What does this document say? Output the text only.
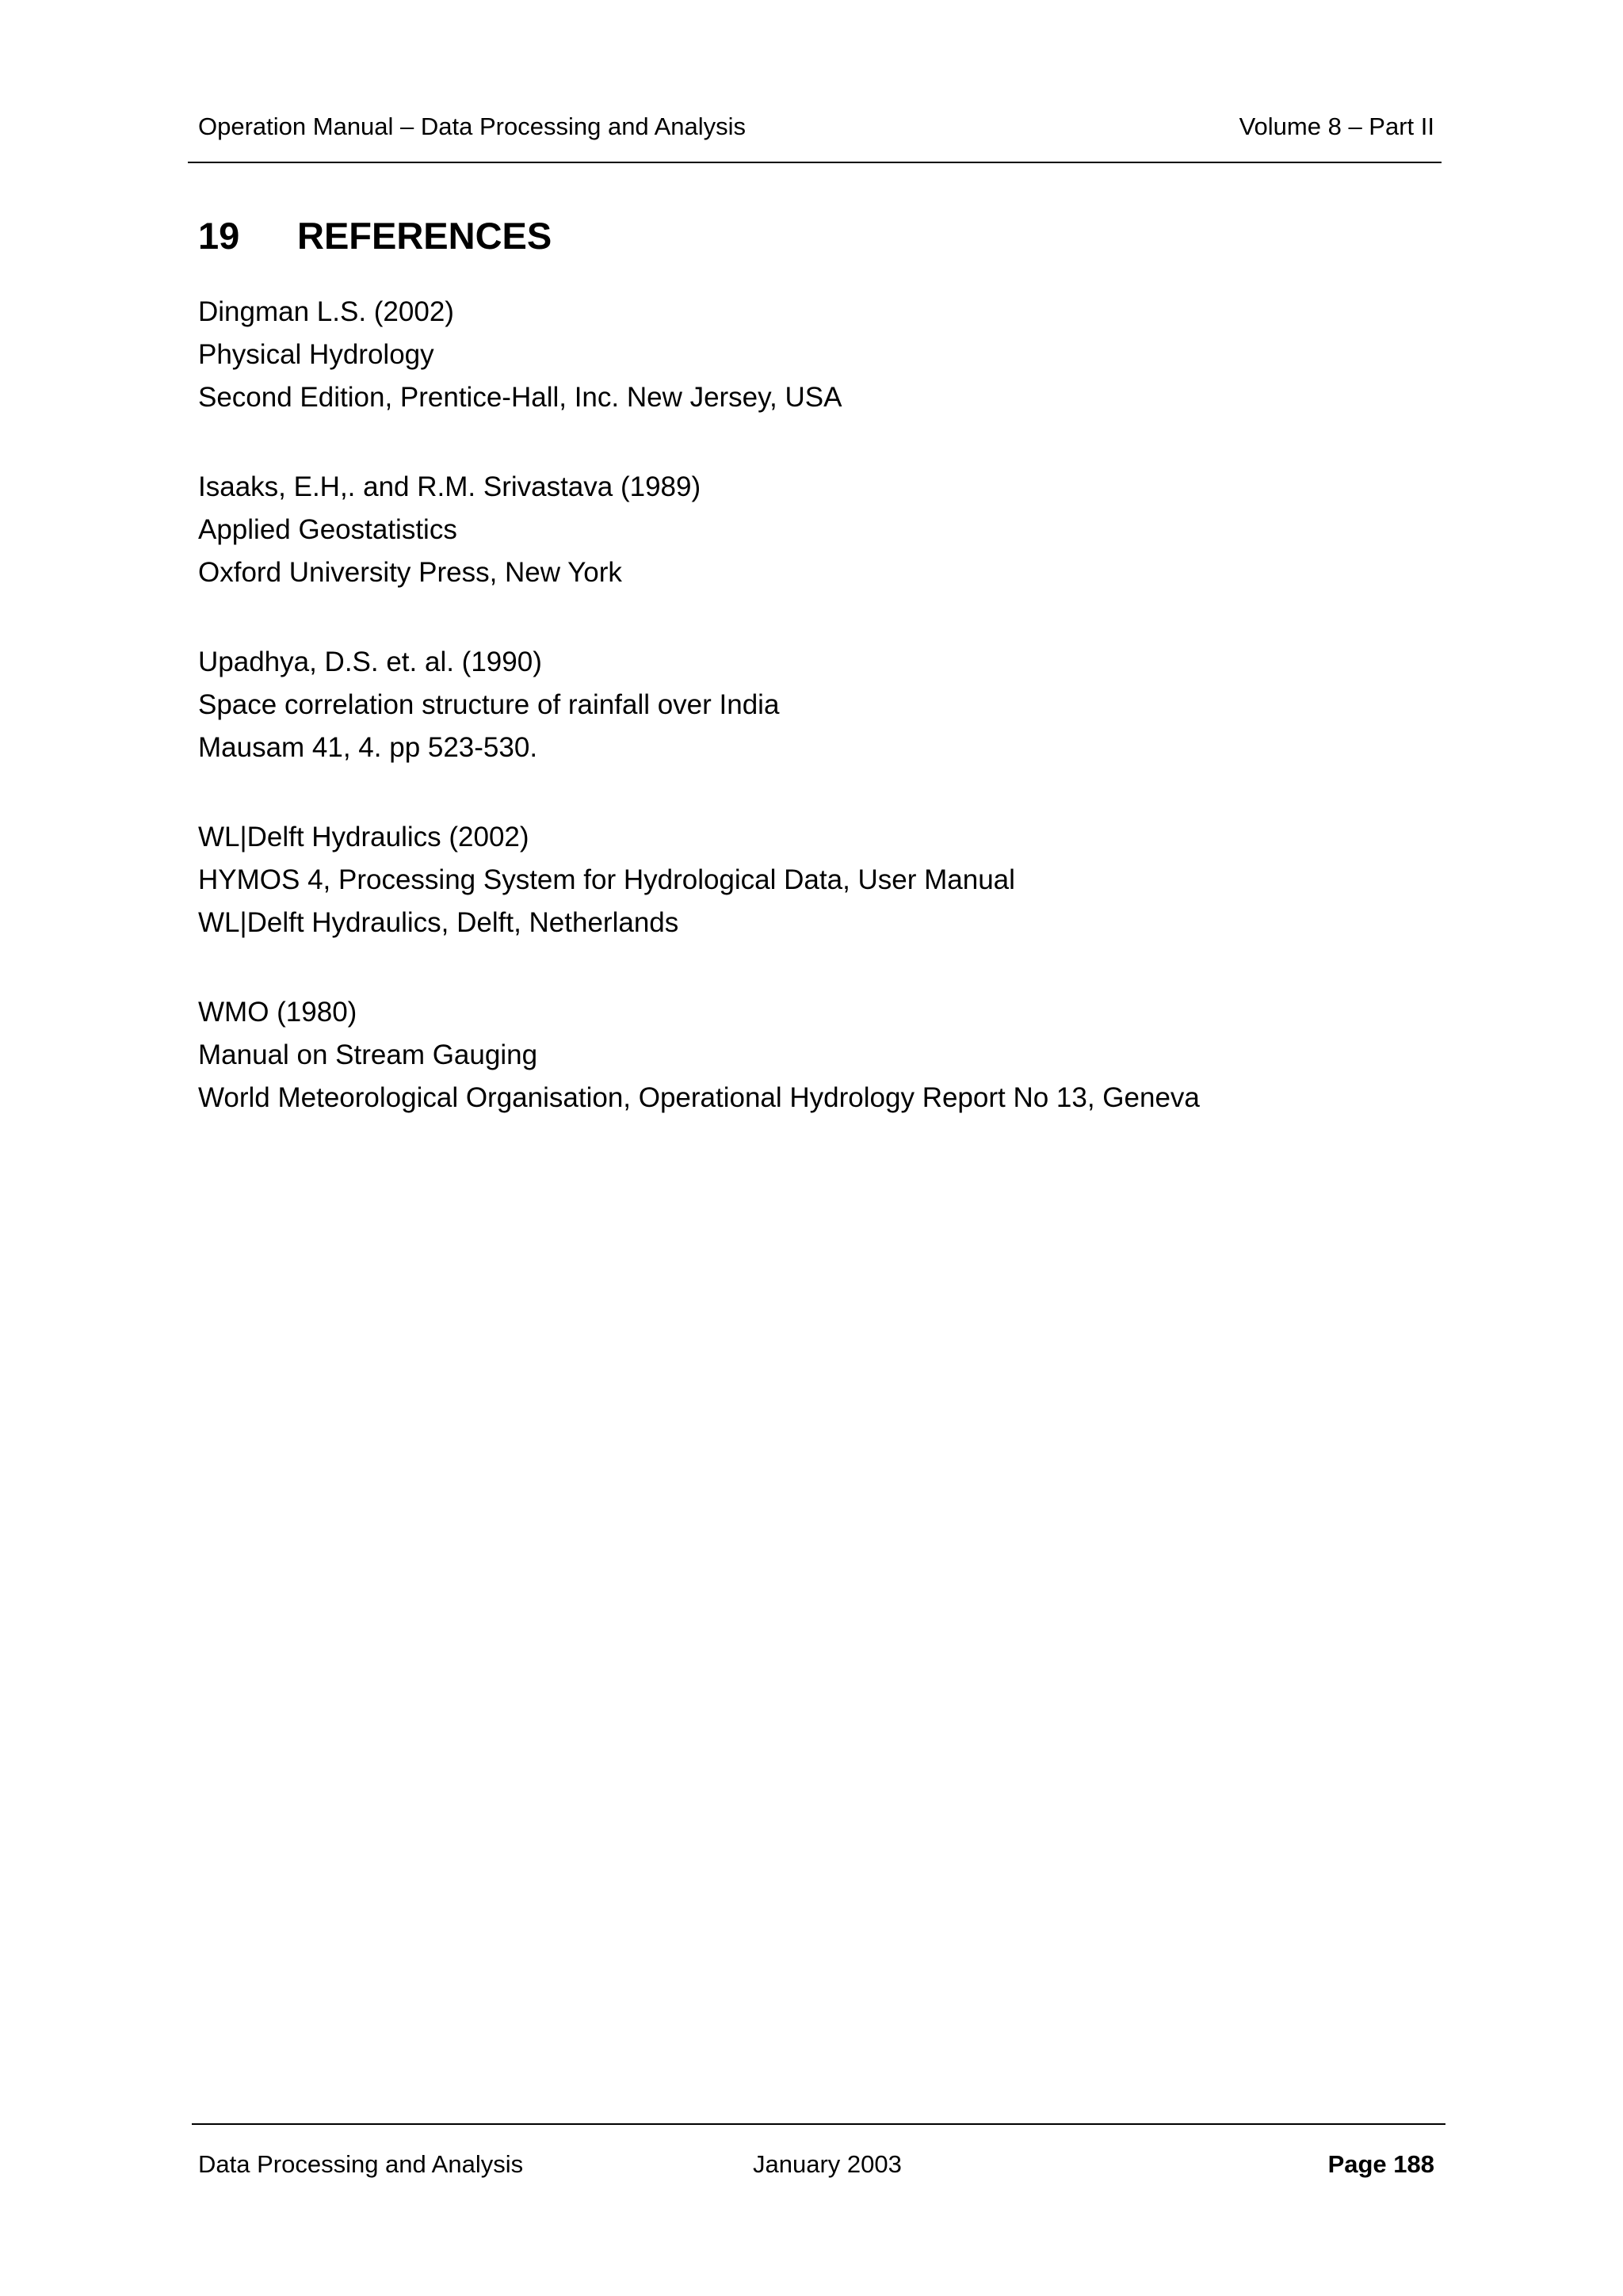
Operation Manual – Data Processing and Analysis	Volume 8 – Part II
19 REFERENCES
Dingman L.S. (2002)
Physical Hydrology
Second Edition, Prentice-Hall, Inc. New Jersey, USA
Isaaks, E.H,. and R.M. Srivastava (1989)
Applied Geostatistics
Oxford University Press, New York
Upadhya, D.S. et. al. (1990)
Space correlation structure of rainfall over India
Mausam 41, 4. pp 523-530.
WL|Delft Hydraulics (2002)
HYMOS 4, Processing System for Hydrological Data, User Manual
WL|Delft Hydraulics, Delft, Netherlands
WMO (1980)
Manual on Stream Gauging
World Meteorological Organisation, Operational Hydrology Report No 13, Geneva
Data Processing and Analysis	January 2003	Page 188
